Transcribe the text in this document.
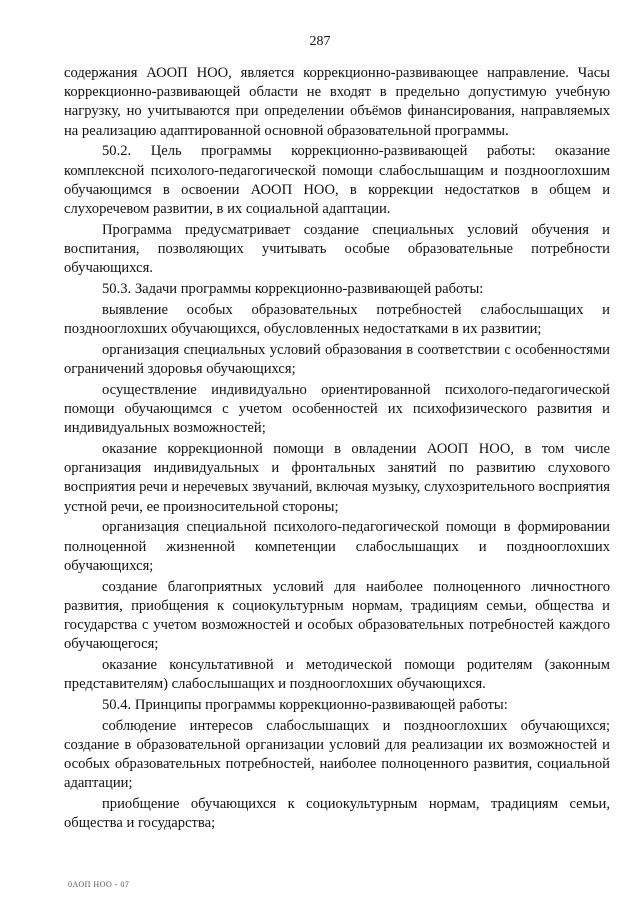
287

содержания АООП НОО, является коррекционно-развивающее направление. Часы коррекционно-развивающей области не входят в предельно допустимую учебную нагрузку, но учитываются при определении объёмов финансирования, направляемых на реализацию адаптированной основной образовательной программы.

50.2. Цель программы коррекционно-развивающей работы: оказание комплексной психолого-педагогической помощи слабослышащим и позднооглохшим обучающимся в освоении АООП НОО, в коррекции недостатков в общем и слухоречевом развитии, в их социальной адаптации.

Программа предусматривает создание специальных условий обучения и воспитания, позволяющих учитывать особые образовательные потребности обучающихся.

50.3. Задачи программы коррекционно-развивающей работы:

выявление особых образовательных потребностей слабослышащих и позднооглохших обучающихся, обусловленных недостатками в их развитии;

организация специальных условий образования в соответствии с особенностями ограничений здоровья обучающихся;

осуществление индивидуально ориентированной психолого-педагогической помощи обучающимся с учетом особенностей их психофизического развития и индивидуальных возможностей;

оказание коррекционной помощи в овладении АООП НОО, в том числе организация индивидуальных и фронтальных занятий по развитию слухового восприятия речи и неречевых звучаний, включая музыку, слухозрительного восприятия устной речи, ее произносительной стороны;

организация специальной психолого-педагогической помощи в формировании полноценной жизненной компетенции слабослышащих и позднооглохших обучающихся;

создание благоприятных условий для наиболее полноценного личностного развития, приобщения к социокультурным нормам, традициям семьи, общества и государства с учетом возможностей и особых образовательных потребностей каждого обучающегося;

оказание консультативной и методической помощи родителям (законным представителям) слабослышащих и позднооглохших обучающихся.

50.4. Принципы программы коррекционно-развивающей работы:

соблюдение интересов слабослышащих и позднооглохших обучающихся; создание в образовательной организации условий для реализации их возможностей и особых образовательных потребностей, наиболее полноценного развития, социальной адаптации;

приобщение обучающихся к социокультурным нормам, традициям семьи, общества и государства;

0АОП НОО - 07
